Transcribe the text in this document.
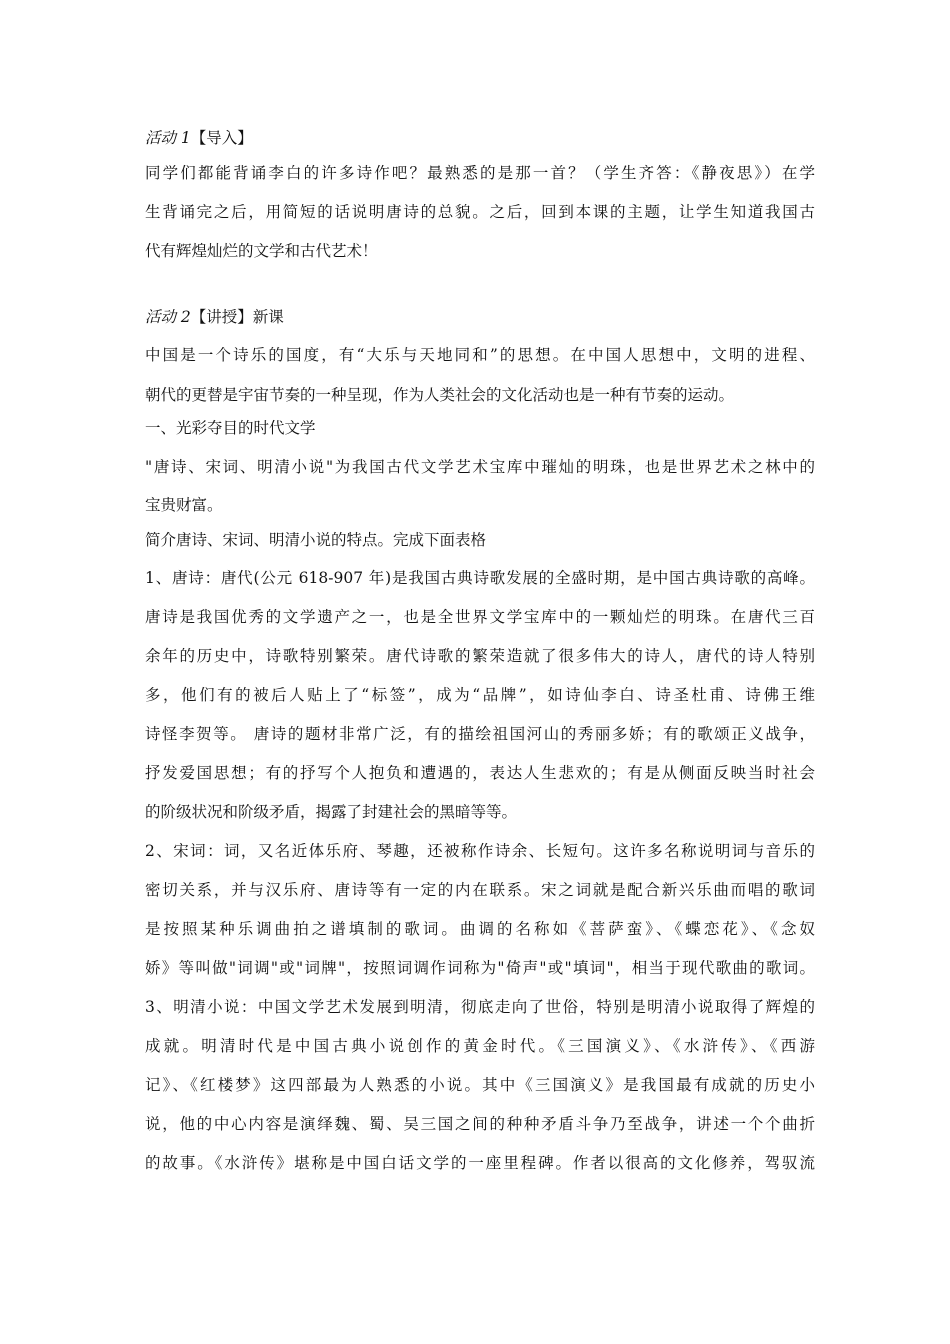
活动 1【导入】
同学们都能背诵李白的许多诗作吧？最熟悉的是那一首？（学生齐答：《静夜思》）在学
生背诵完之后，用简短的话说明唐诗的总貌。之后，回到本课的主题，让学生知道我国古
代有辉煌灿烂的文学和古代艺术！
活动 2【讲授】新课
中国是一个诗乐的国度，有“大乐与天地同和”的思想。在中国人思想中，文明的进程、
朝代的更替是宇宙节奏的一种呈现，作为人类社会的文化活动也是一种有节奏的运动。
一、光彩夺目的时代文学
"唐诗、宋词、明清小说"为我国古代文学艺术宝库中璀灿的明珠，也是世界艺术之林中的
宝贵财富。
简介唐诗、宋词、明清小说的特点。完成下面表格
1、唐诗：唐代(公元 618-907 年)是我国古典诗歌发展的全盛时期，是中国古典诗歌的高峰。
唐诗是我国优秀的文学遗产之一，也是全世界文学宝库中的一颗灿烂的明珠。在唐代三百
余年的历史中，诗歌特别繁荣。唐代诗歌的繁荣造就了很多伟大的诗人，唐代的诗人特别
多，他们有的被后人贴上了“标签”，成为“品牌”，如诗仙李白、诗圣杜甫、诗佛王维
诗怪李贺等。 唐诗的题材非常广泛，有的描绘祖国河山的秀丽多娇；有的歌颂正义战争，
抒发爱国思想；有的抒写个人抱负和遭遇的，表达人生悲欢的；有是从侧面反映当时社会
的阶级状况和阶级矛盾，揭露了封建社会的黑暗等等。
2、宋词：词，又名近体乐府、琴趣，还被称作诗余、长短句。这许多名称说明词与音乐的
密切关系，并与汉乐府、唐诗等有一定的内在联系。宋之词就是配合新兴乐曲而唱的歌词
是按照某种乐调曲拍之谱填制的歌词。曲调的名称如《菩萨蛮》、《蝶恋花》、《念奴
娇》等叫做"词调"或"词牌"，按照词调作词称为"倚声"或"填词"，相当于现代歌曲的歌词。
3、明清小说：中国文学艺术发展到明清，彻底走向了世俗，特别是明清小说取得了辉煌的
成就。明清时代是中国古典小说创作的黄金时代。《三国演义》、《水浒传》、《西游
记》、《红楼梦》这四部最为人熟悉的小说。其中《三国演义》是我国最有成就的历史小
说，他的中心内容是演绎魏、蜀、吴三国之间的种种矛盾斗争乃至战争，讲述一个个曲折
的故事。《水浒传》堪称是中国白话文学的一座里程碑。作者以很高的文化修养，驾驭流
